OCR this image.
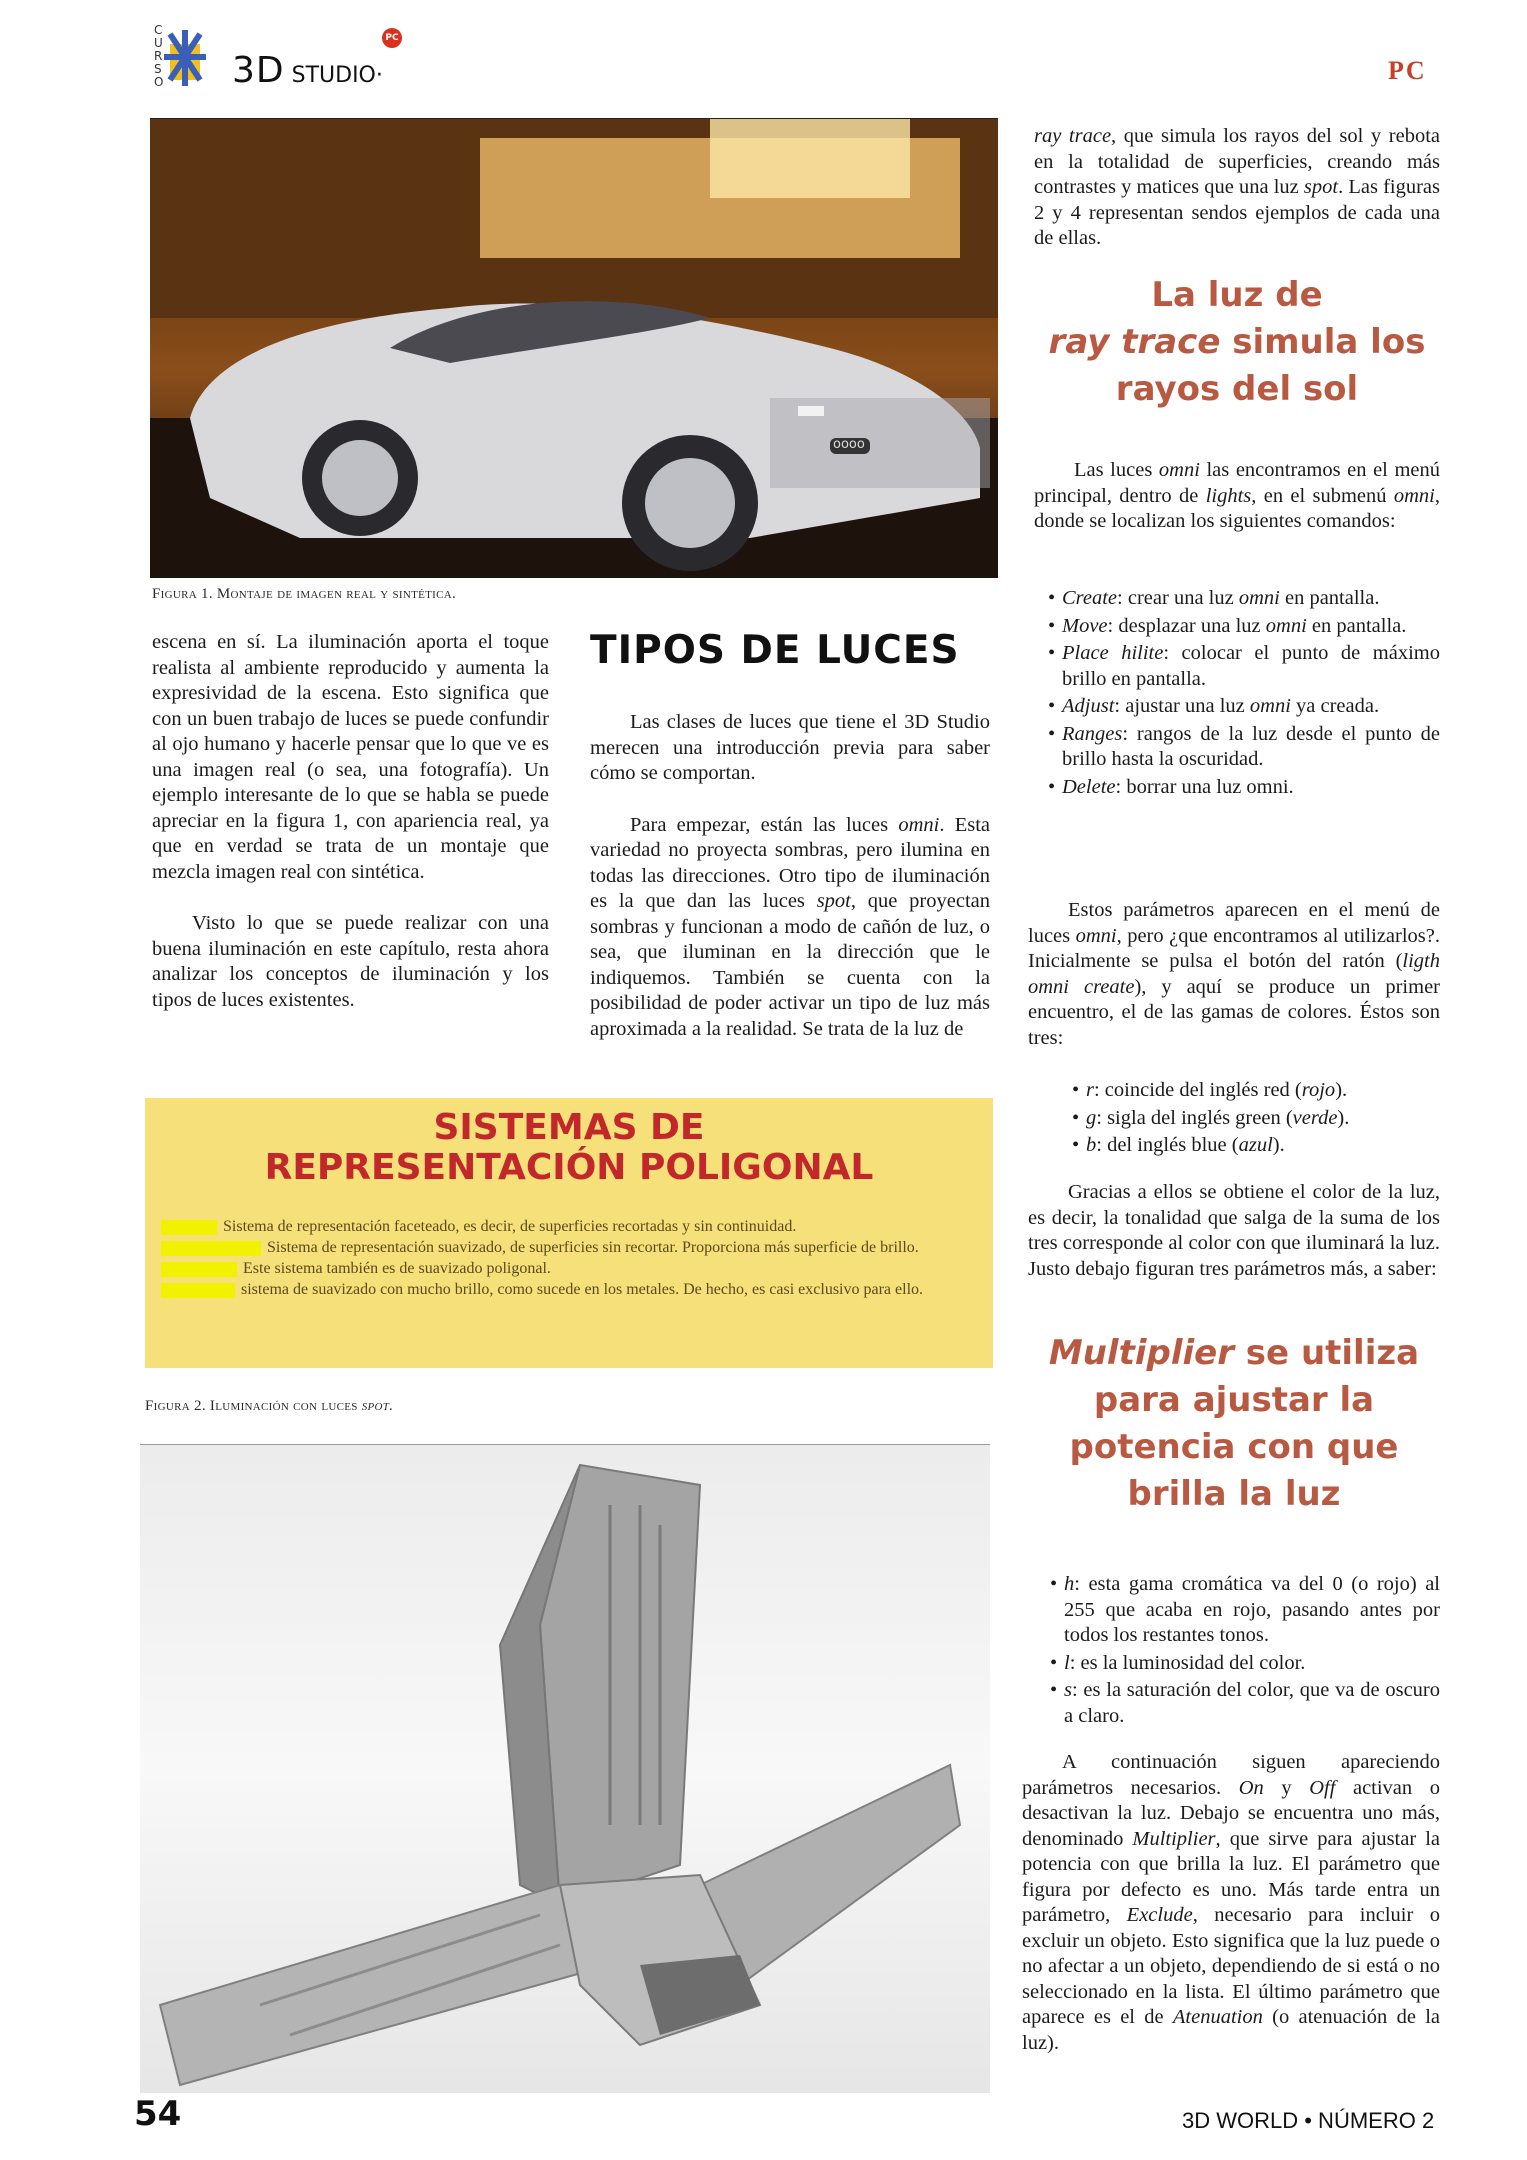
CURSO 3D STUDIO·
PC
PC
oooo
Figura 1. Montaje de imagen real y sintética.

escena en sí. La iluminación aporta el toque realista al ambiente reproducido y aumenta la expresividad de la escena. Esto significa que con un buen trabajo de luces se puede confundir al ojo humano y hacerle pensar que lo que ve es una imagen real (o sea, una fotografía). Un ejemplo interesante de lo que se habla se puede apreciar en la figura 1, con apariencia real, ya que en verdad se trata de un montaje que mezcla imagen real con sintética.

Visto lo que se puede realizar con una buena iluminación en este capítulo, resta ahora analizar los conceptos de iluminación y los tipos de luces existentes.

TIPOS DE LUCES

Las clases de luces que tiene el 3D Studio merecen una introducción previa para saber cómo se comportan.

Para empezar, están las luces omni. Esta variedad no proyecta sombras, pero ilumina en todas las direcciones. Otro tipo de iluminación es la que dan las luces spot, que proyectan sombras y funcionan a modo de cañón de luz, o sea, que iluminan en la dirección que le indiquemos. También se cuenta con la posibilidad de poder activar un tipo de luz más aproximada a la realidad. Se trata de la luz de

SISTEMAS DE
REPRESENTACIÓN POLIGONAL
Sistema de representación faceteado, es decir, de superficies recortadas y sin continuidad.
Sistema de representación suavizado, de superficies sin recortar. Proporciona más superficie de brillo.
Este sistema también es de suavizado poligonal.
sistema de suavizado con mucho brillo, como sucede en los metales. De hecho, es casi exclusivo para ello.
Figura 2. Iluminación con luces spot.

ray trace, que simula los rayos del sol y rebota en la totalidad de superficies, creando más contrastes y matices que una luz spot. Las figuras 2 y 4 representan sendos ejemplos de cada una de ellas.

La luz de
ray trace simula los
rayos del sol

Las luces omni las encontramos en el menú principal, dentro de lights, en el submenú omni, donde se localizan los siguientes comandos:

• Create: crear una luz omni en pantalla.
• Move: desplazar una luz omni en pantalla.
• Place hilite: colocar el punto de máximo brillo en pantalla.
• Adjust: ajustar una luz omni ya creada.
• Ranges: rangos de la luz desde el punto de brillo hasta la oscuridad.
• Delete: borrar una luz omni.

Estos parámetros aparecen en el menú de luces omni, pero ¿que encontramos al utilizarlos?. Inicialmente se pulsa el botón del ratón (ligth omni create), y aquí se produce un primer encuentro, el de las gamas de colores. Éstos son tres:

• r: coincide del inglés red (rojo).
• g: sigla del inglés green (verde).
• b: del inglés blue (azul).

Gracias a ellos se obtiene el color de la luz, es decir, la tonalidad que salga de la suma de los tres corresponde al color con que iluminará la luz. Justo debajo figuran tres parámetros más, a saber:

Multiplier se utiliza
para ajustar la
potencia con que
brilla la luz
• h: esta gama cromática va del 0 (o rojo) al 255 que acaba en rojo, pasando antes por todos los restantes tonos.
• l: es la luminosidad del color.
• s: es la saturación del color, que va de oscuro a claro.

A continuación siguen apareciendo parámetros necesarios. On y Off activan o desactivan la luz. Debajo se encuentra uno más, denominado Multiplier, que sirve para ajustar la potencia con que brilla la luz. El parámetro que figura por defecto es uno. Más tarde entra un parámetro, Exclude, necesario para incluir o excluir un objeto. Esto significa que la luz puede o no afectar a un objeto, dependiendo de si está o no seleccionado en la lista. El último parámetro que aparece es el de Atenuation (o atenuación de la luz).

54	3D WORLD • NÚMERO 2
